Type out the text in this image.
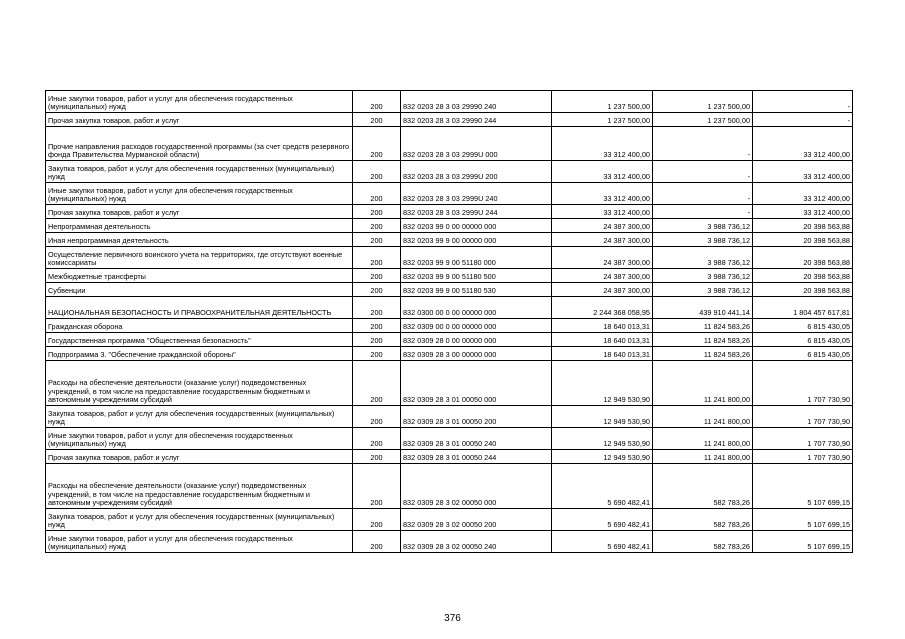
Иные закупки товаров, работ и услуг для обеспечения государственных (муниципальных) нужд	200	832 0203 28 3 03 29990 240	1 237 500,00	1 237 500,00	-
Прочая закупка товаров, работ и услуг	200	832 0203 28 3 03 29990 244	1 237 500,00	1 237 500,00	-
Прочие направления расходов государственной программы (за счет средств резервного фонда Правительства Мурманской области)	200	832 0203 28 3 03 2999U 000	33 312 400,00	-	33 312 400,00
Закупка товаров, работ и услуг для обеспечения государственных (муниципальных) нужд	200	832 0203 28 3 03 2999U 200	33 312 400,00	-	33 312 400,00
Иные закупки товаров, работ и услуг для обеспечения государственных (муниципальных) нужд	200	832 0203 28 3 03 2999U 240	33 312 400,00	-	33 312 400,00
Прочая закупка товаров, работ и услуг	200	832 0203 28 3 03 2999U 244	33 312 400,00	-	33 312 400,00
Непрограммная деятельность	200	832 0203 99 0 00 00000 000	24 387 300,00	3 988 736,12	20 398 563,88
Иная непрограммная деятельность	200	832 0203 99 9 00 00000 000	24 387 300,00	3 988 736,12	20 398 563,88
Осуществление первичного воинского учета на территориях, где отсутствуют военные комиссариаты	200	832 0203 99 9 00 51180 000	24 387 300,00	3 988 736,12	20 398 563,88
Межбюджетные трансферты	200	832 0203 99 9 00 51180 500	24 387 300,00	3 988 736,12	20 398 563,88
Субвенции	200	832 0203 99 9 00 51180 530	24 387 300,00	3 988 736,12	20 398 563,88
НАЦИОНАЛЬНАЯ БЕЗОПАСНОСТЬ И ПРАВООХРАНИТЕЛЬНАЯ ДЕЯТЕЛЬНОСТЬ	200	832 0300 00 0 00 00000 000	2 244 368 058,95	439 910 441,14	1 804 457 617,81
Гражданская оборона	200	832 0309 00 0 00 00000 000	18 640 013,31	11 824 583,26	6 815 430,05
Государственная программа "Общественная безопасность"	200	832 0309 28 0 00 00000 000	18 640 013,31	11 824 583,26	6 815 430,05
Подпрограмма 3. "Обеспечение гражданской обороны"	200	832 0309 28 3 00 00000 000	18 640 013,31	11 824 583,26	6 815 430,05
Расходы на обеспечение деятельности (оказание услуг) подведомственных учреждений, в том числе на предоставление государственным бюджетным и автономным учреждениям субсидий	200	832 0309 28 3 01 00050 000	12 949 530,90	11 241 800,00	1 707 730,90
Закупка товаров, работ и услуг для обеспечения государственных (муниципальных) нужд	200	832 0309 28 3 01 00050 200	12 949 530,90	11 241 800,00	1 707 730,90
Иные закупки товаров, работ и услуг для обеспечения государственных (муниципальных) нужд	200	832 0309 28 3 01 00050 240	12 949 530,90	11 241 800,00	1 707 730,90
Прочая закупка товаров, работ и услуг	200	832 0309 28 3 01 00050 244	12 949 530,90	11 241 800,00	1 707 730,90
Расходы на обеспечение деятельности (оказание услуг) подведомственных учреждений, в том числе на предоставление государственным бюджетным и автономным учреждениям субсидий	200	832 0309 28 3 02 00050 000	5 690 482,41	582 783,26	5 107 699,15
Закупка товаров, работ и услуг для обеспечения государственных (муниципальных) нужд	200	832 0309 28 3 02 00050 200	5 690 482,41	582 783,26	5 107 699,15
Иные закупки товаров, работ и услуг для обеспечения государственных (муниципальных) нужд	200	832 0309 28 3 02 00050 240	5 690 482,41	582 783,26	5 107 699,15
376
